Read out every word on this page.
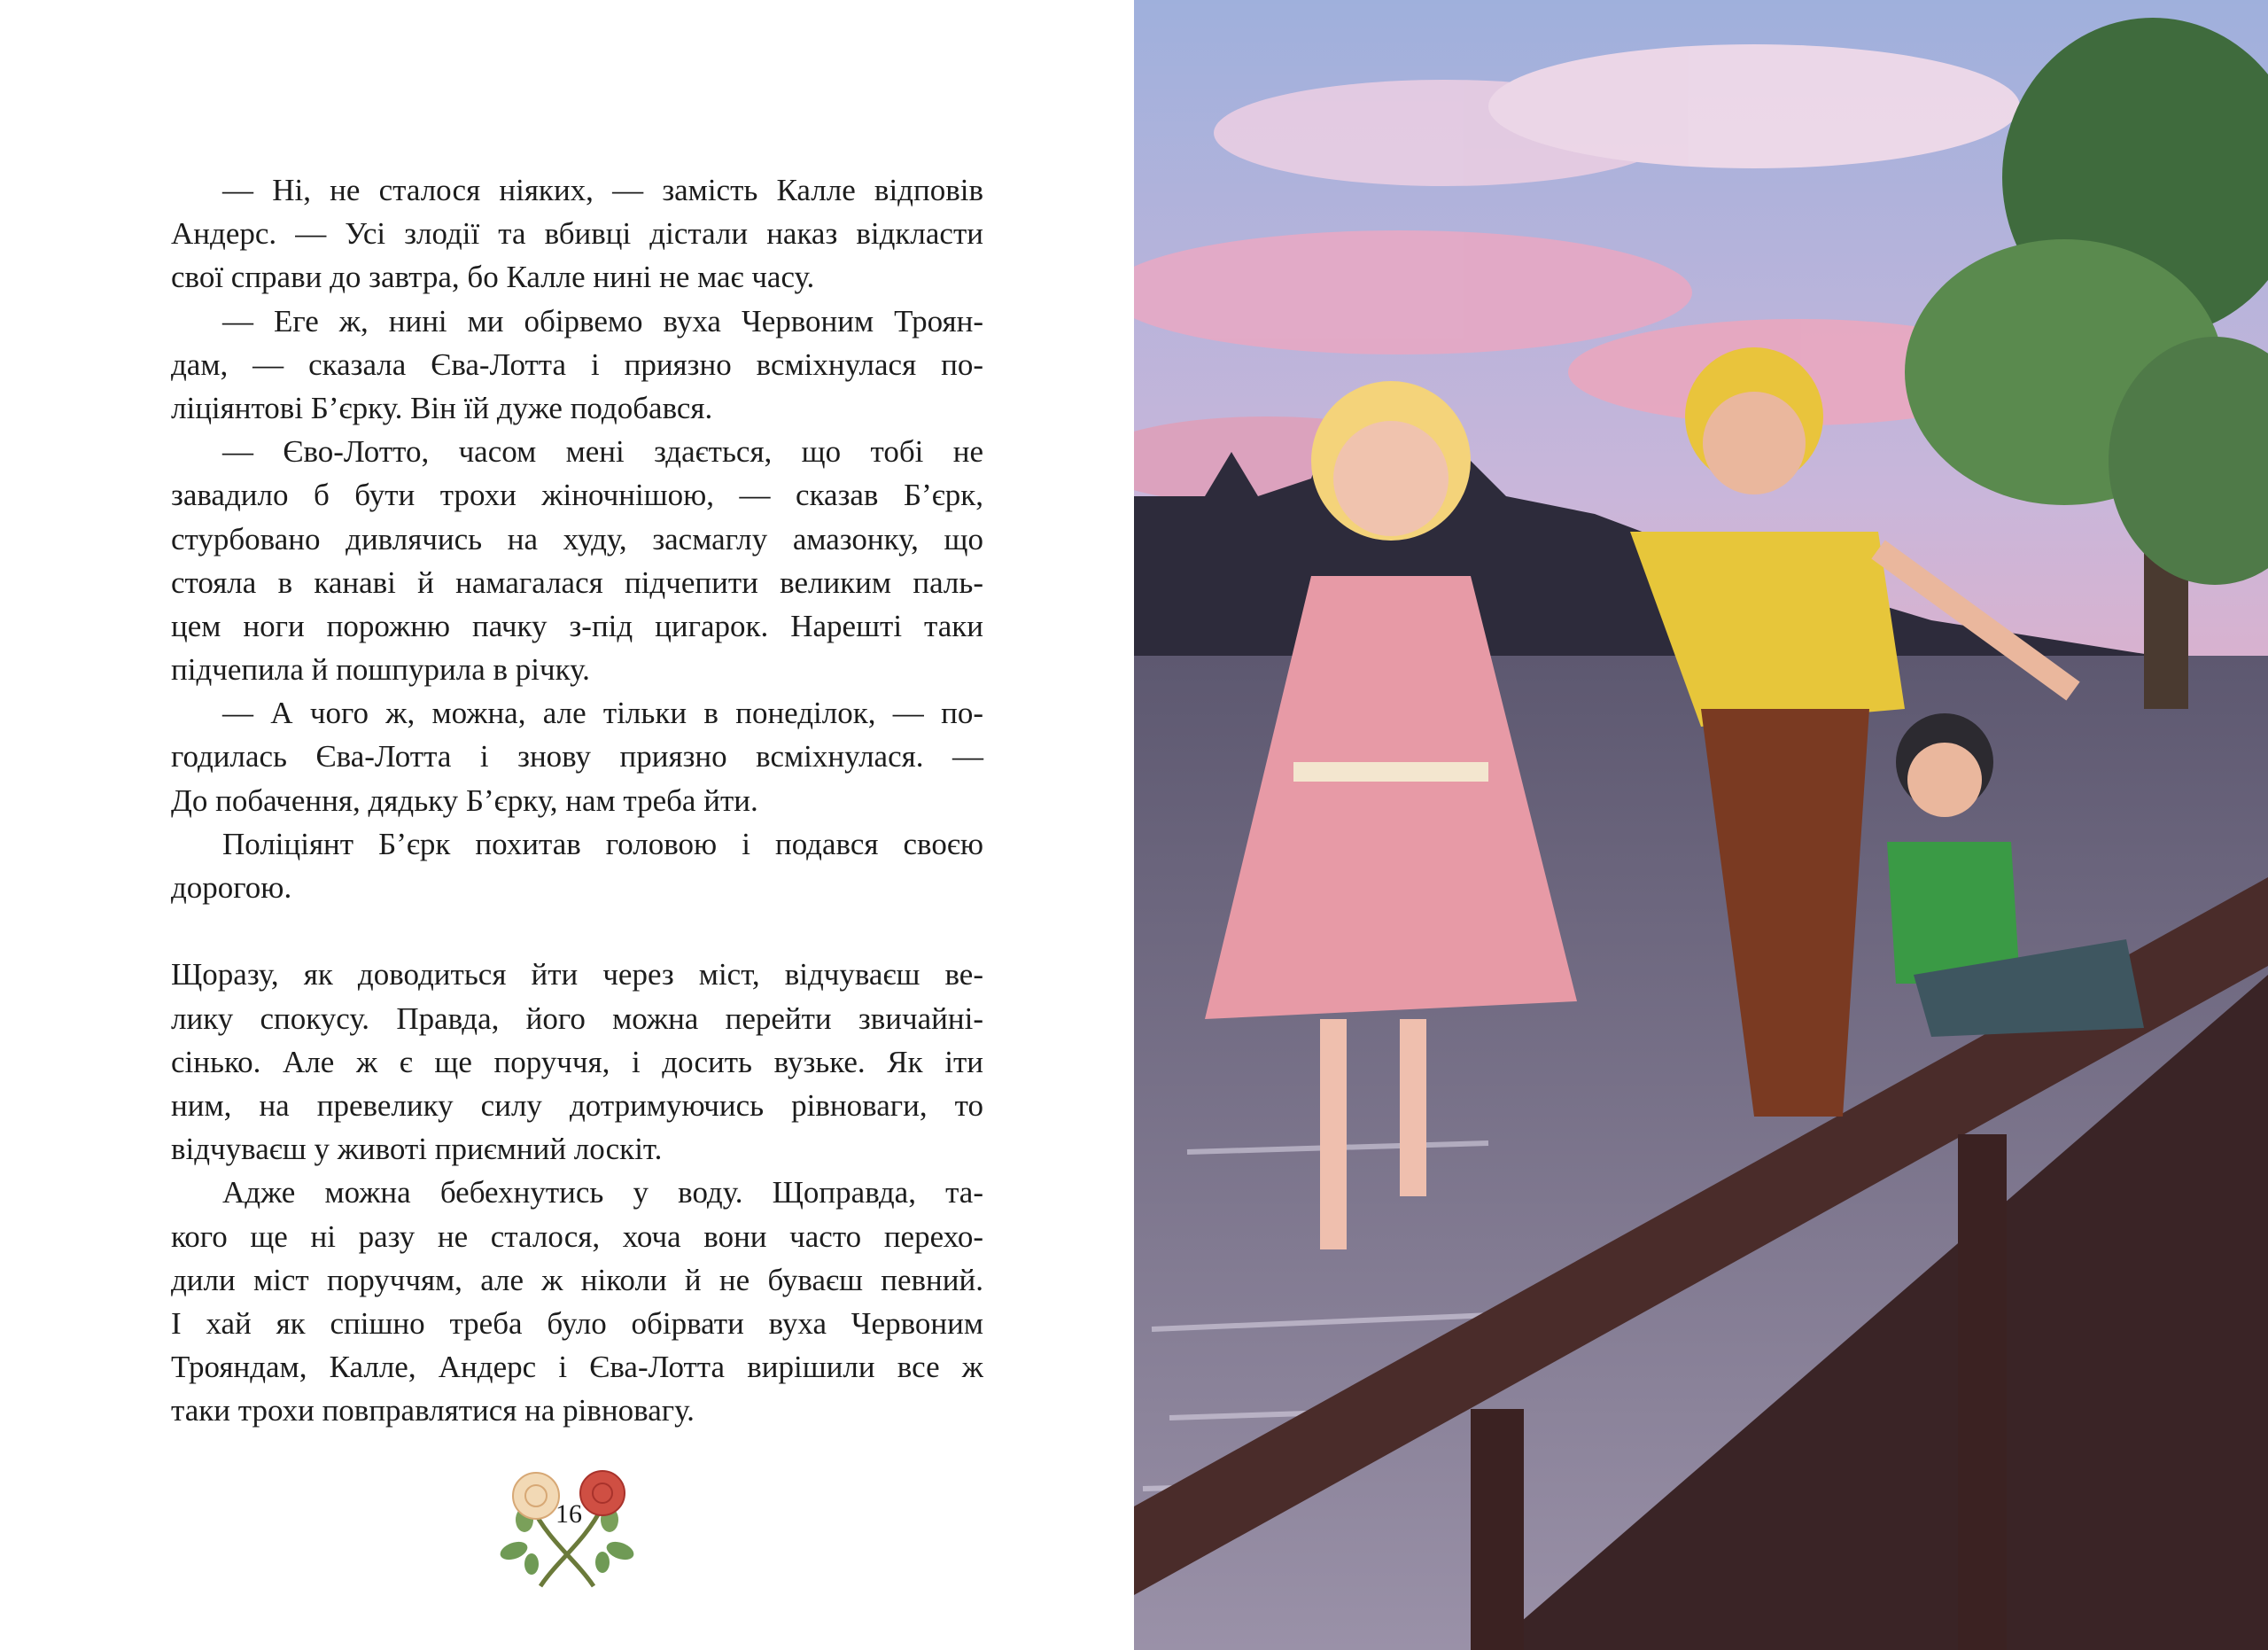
— Ні, не сталося ніяких, — замість Калле відповів
Андерс. — Усі злодії та вбивці дістали наказ відкласти
свої справи до завтра, бо Калле нині не має часу.
— Еге ж, нині ми обірвемо вуха Червоним Троян-
дам, — сказала Єва-Лотта і приязно всміхнулася по-
ліціянтові Б’єрку. Він їй дуже подобався.
— Єво-Лотто, часом мені здається, що тобі не
завадило б бути трохи жіночнішою, — сказав Б’єрк,
стурбовано дивлячись на худу, засмаглу амазонку, що
стояла в канаві й намагалася підчепити великим паль-
цем ноги порожню пачку з-під цигарок. Нарешті таки
підчепила й пошпурила в річку.
— А чого ж, можна, але тільки в понеділок, — по-
годилась Єва-Лотта і знову приязно всміхнулася. —
До побачення, дядьку Б’єрку, нам треба йти.
Поліціянт Б’єрк похитав головою і подався своєю
дорогою.
Щоразу, як доводиться йти через міст, відчуваєш ве-
лику спокусу. Правда, його можна перейти звичайні-
сінько. Але ж є ще поруччя, і досить вузьке. Як іти
ним, на превелику силу дотримуючись рівноваги, то
відчуваєш у животі приємний лоскіт.
Адже можна бебехнутись у воду. Щоправда, та-
кого ще ні разу не сталося, хоча вони часто перехо-
дили міст поруччям, але ж ніколи й не буваєш певний.
І хай як спішно треба було обірвати вуха Червоним
Трояндам, Калле, Андерс і Єва-Лотта вирішили все ж
таки трохи повправлятися на рівновагу.
16
